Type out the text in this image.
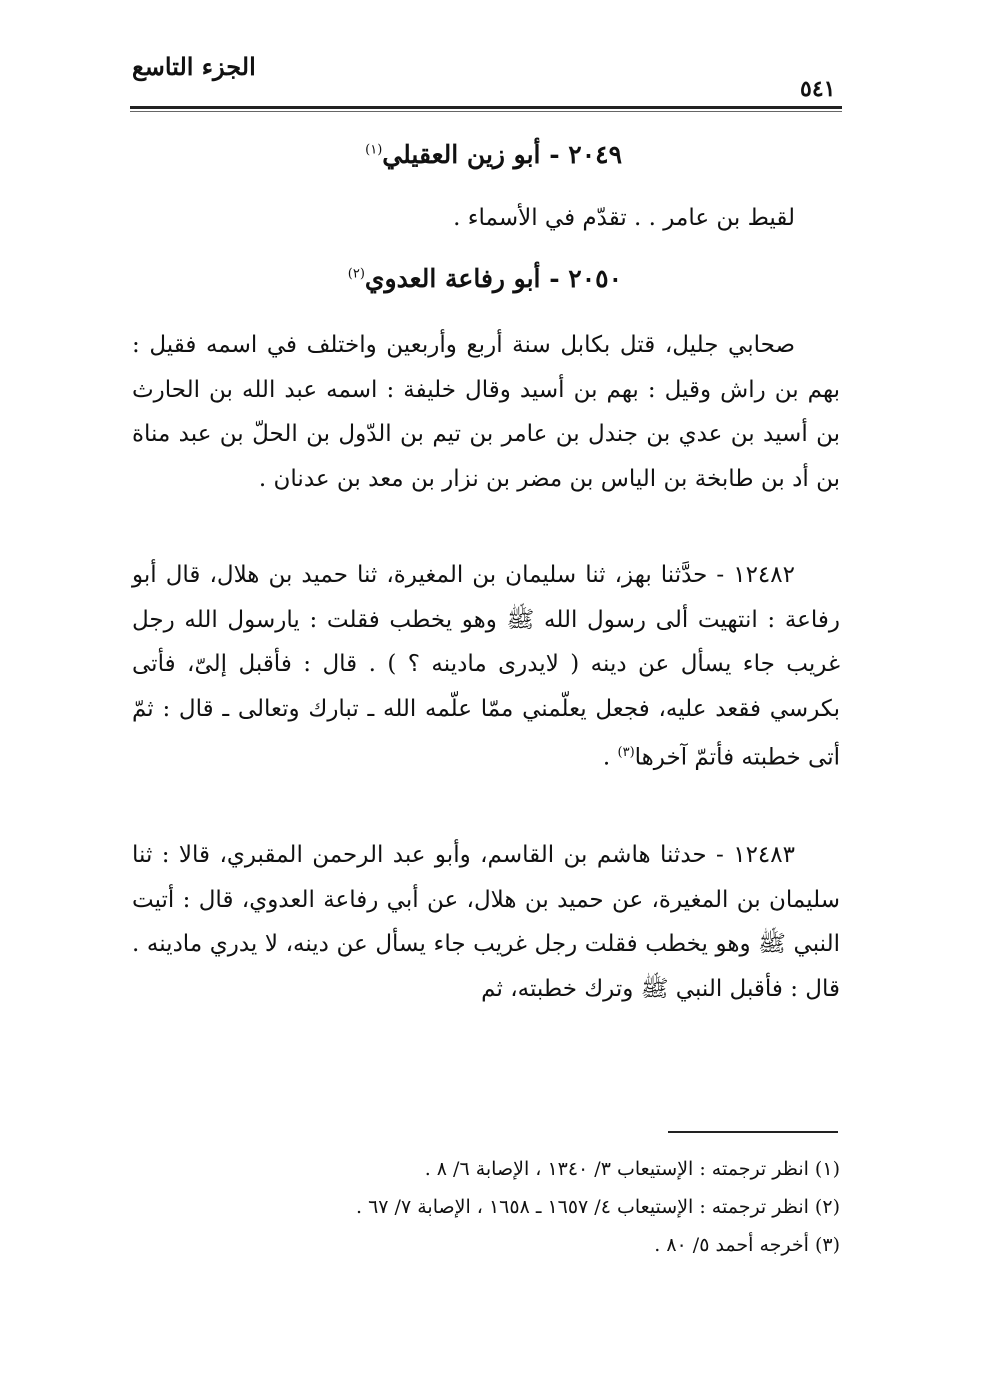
الجزء التاسع
٥٤١
٢٠٤٩ - أبو زين العقيلي$^{(١)}$

لقيط بن عامر . . تقدّم في الأسماء .

٢٠٥٠ - أبو رفاعة العدوي$^{(٢)}$

صحابي جليل، قتل بكابل سنة أربع وأربعين واختلف في اسمه فقيل : بهم بن راش وقيل : بهم بن أسيد وقال خليفة : اسمه عبد الله بن الحارث بن أسيد بن عدي بن جندل بن عامر بن تيم بن الدّول بن الحلّ بن عبد مناة بن أد بن طابخة بن الياس بن مضر بن نزار بن معد بن عدنان .

١٢٤٨٢ - حدَّثنا بهز، ثنا سليمان بن المغيرة، ثنا حميد بن هلال، قال أبو رفاعة : انتهيت ألى رسول الله ﷺ وهو يخطب فقلت : يارسول الله رجل غريب جاء يسأل عن دينه ( لايدرى مادينه ؟ ) . قال : فأقبل إلىّ، فأتى بكرسي فقعد عليه، فجعل يعلّمني ممّا علّمه الله ـ تبارك وتعالى ـ قال : ثمّ أتى خطبته فأتمّ آخرها$^{(٣)}$ .

١٢٤٨٣ - حدثنا هاشم بن القاسم، وأبو عبد الرحمن المقبري، قالا : ثنا سليمان بن المغيرة، عن حميد بن هلال، عن أبي رفاعة العدوي، قال : أتيت النبي ﷺ وهو يخطب فقلت رجل غريب جاء يسأل عن دينه، لا يدري مادينه . قال : فأقبل النبي ﷺ وترك خطبته، ثم

(١) انظر ترجمته : الإستيعاب ٣/ ١٣٤٠ ، الإصابة ٦/ ٨ .
(٢) انظر ترجمته : الإستيعاب ٤/ ١٦٥٧ ـ ١٦٥٨ ، الإصابة ٧/ ٦٧ .
(٣) أخرجه أحمد ٥/ ٨٠ .
